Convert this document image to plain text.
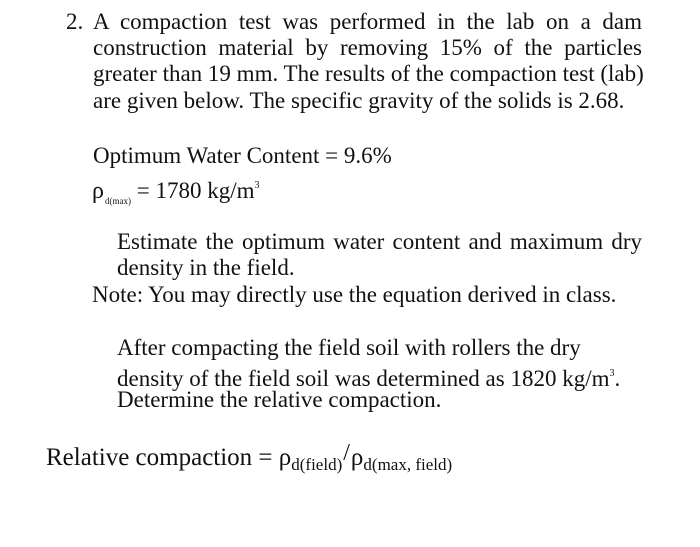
2. A compaction test was performed in the lab on a dam
construction material by removing 15% of the particles
greater than 19 mm. The results of the compaction test (lab)
are given below. The specific gravity of the solids is 2.68.
Optimum Water Content = 9.6%
$\rho_{d(max)} = 1780$ $kg/m^3$
Estimate the optimum water content and maximum dry
density in the field.
Note: You may directly use the equation derived in class.
After compacting the field soil with rollers the dry
density of the field soil was determined as 1820 $kg/m^3$.
Determine the relative compaction.
Relative compaction = $\rho_{d(field)}/\rho_{d(max, field)}$
